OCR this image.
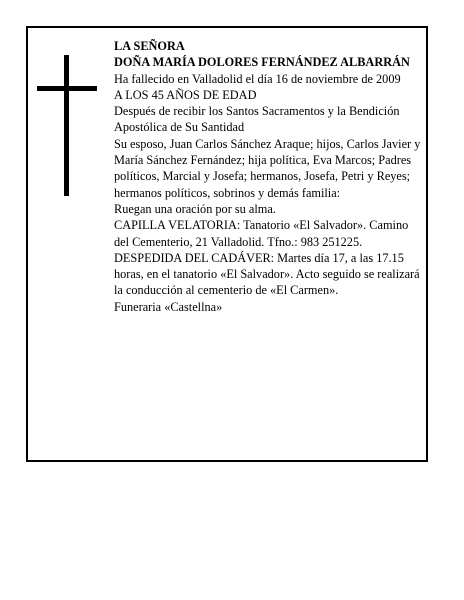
LA SEÑORA

DOÑA MARÍA DOLORES FERNÁNDEZ ALBARRÁN

Ha fallecido en Valladolid el día 16 de noviembre de 2009

A LOS 45 AÑOS DE EDAD

Después de recibir los Santos Sacramentos y la Bendición Apostólica de Su Santidad

Su esposo, Juan Carlos Sánchez Araque; hijos, Carlos Javier y María Sánchez Fernández; hija política, Eva Marcos; Padres políticos, Marcial y Josefa; hermanos, Josefa, Petri y Reyes; hermanos políticos, sobrinos y demás familia:

Ruegan una oración por su alma.

CAPILLA VELATORIA: Tanatorio «El Salvador». Camino del Cementerio, 21 Valladolid. Tfno.: 983 251225.

DESPEDIDA DEL CADÁVER: Martes día 17, a las 17.15 horas, en el tanatorio «El Salvador». Acto seguido se realizará la conducción al cementerio de «El Carmen».

Funeraria «Castellna»
